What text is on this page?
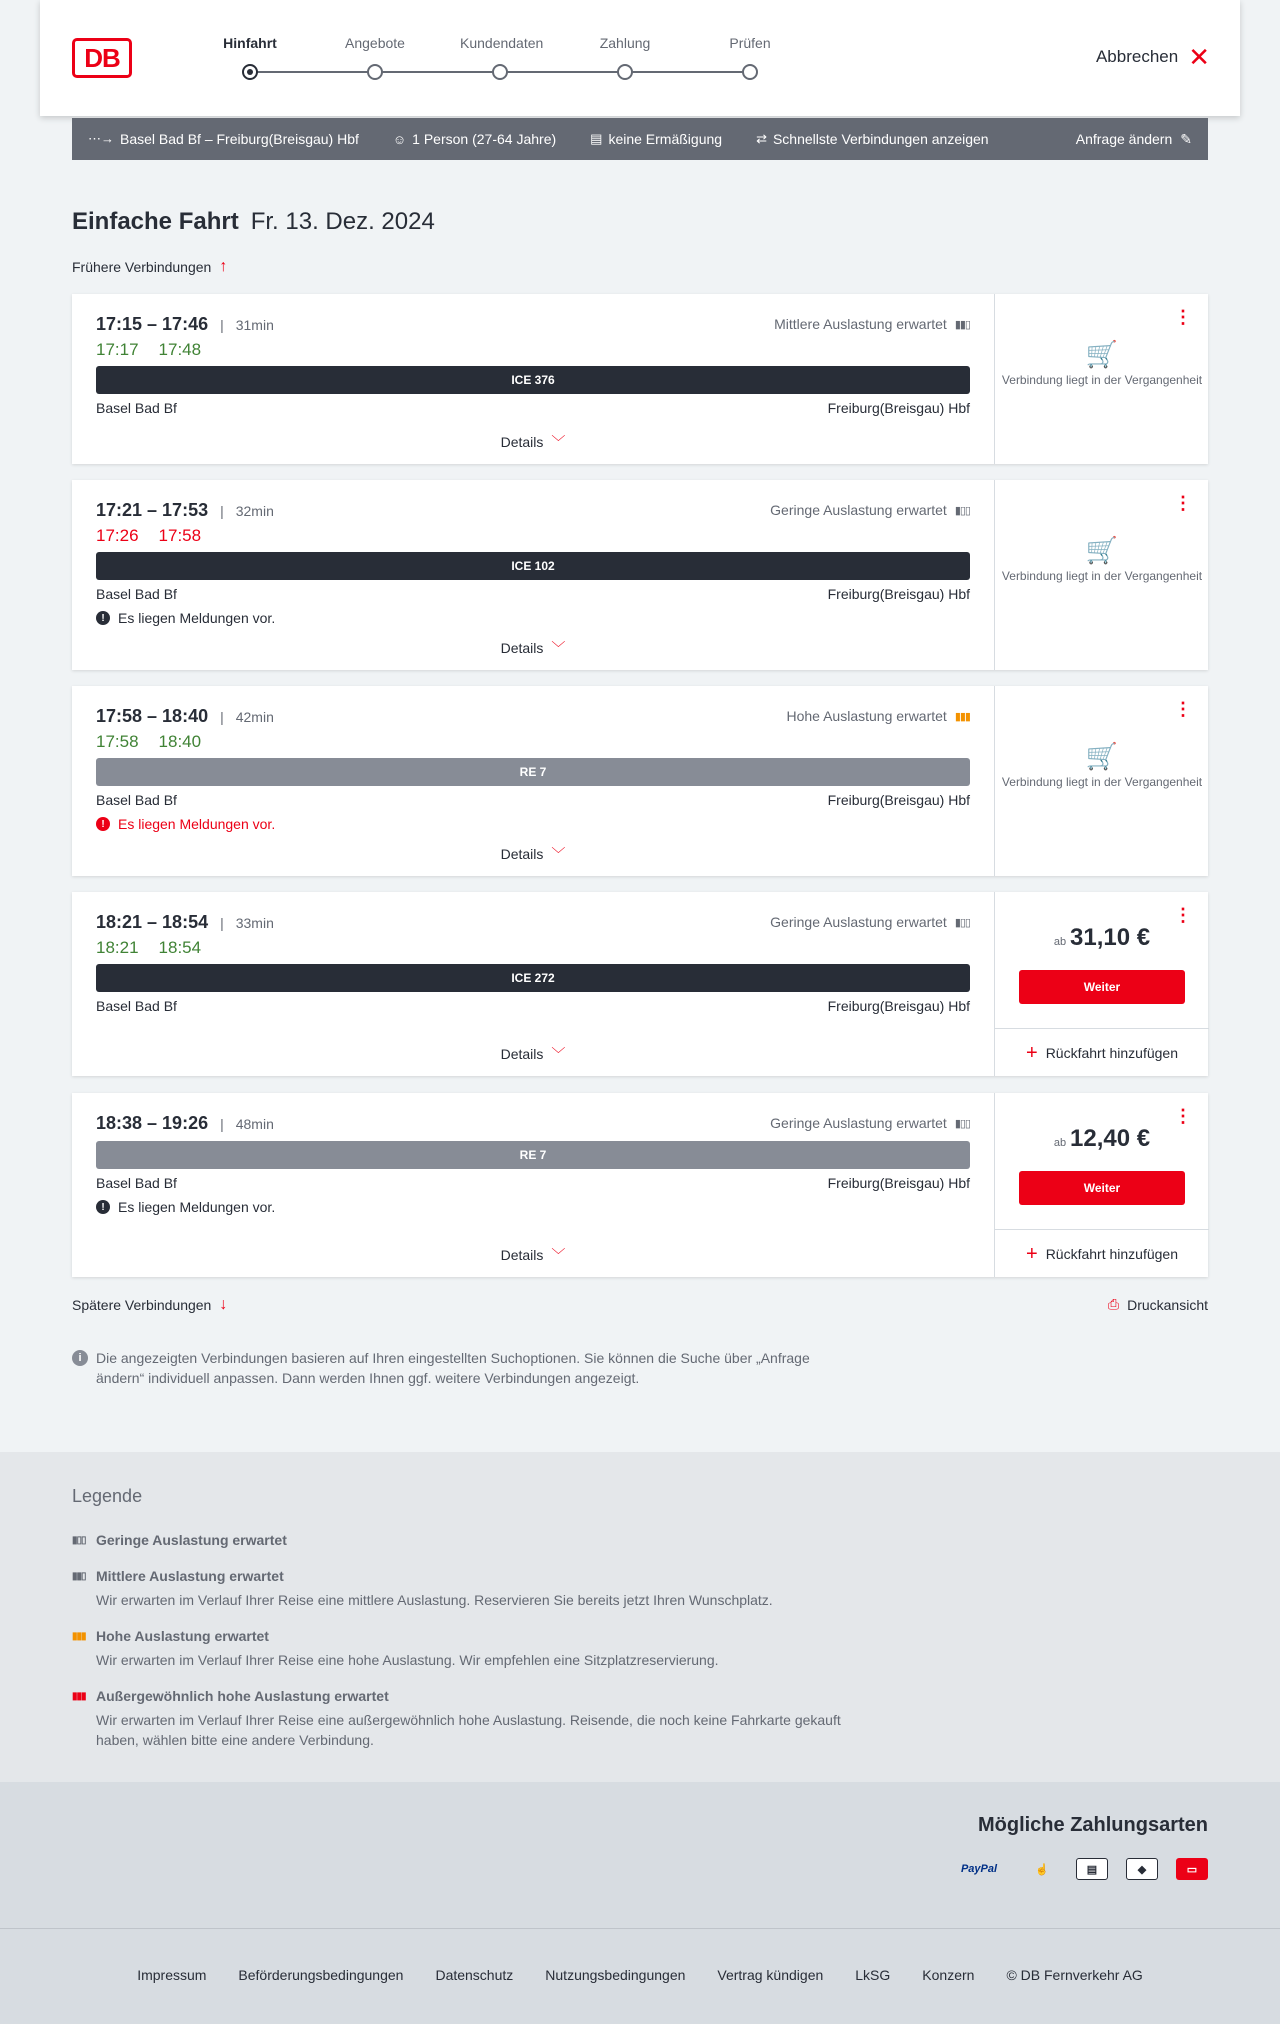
DB	Hinfahrt	Angebote	Kundendaten	Zahlung	Prüfen
Abbrechen ✕
⋯→ Basel Bad Bf – Freiburg(Breisgau) Hbf	☺ 1 Person (27-64 Jahre)	▤ keine Ermäßigung	⇄ Schnellste Verbindungen anzeigen	Anfrage ändern ✎
Einfache Fahrt Fr. 13. Dez. 2024
Frühere Verbindungen ↑
17:15 – 17:46 | 31min
17:17 17:48
Mittlere Auslastung erwartet ▮▮▯
ICE 376
Basel Bad Bf	Freiburg(Breisgau) Hbf
Details ﹀
⋮
🛒
Verbindung liegt in der Vergangenheit
17:21 – 17:53 | 32min
17:26 17:58
Geringe Auslastung erwartet ▮▯▯
ICE 102
Basel Bad Bf	Freiburg(Breisgau) Hbf
! Es liegen Meldungen vor.
Details ﹀
⋮
🛒
Verbindung liegt in der Vergangenheit
17:58 – 18:40 | 42min
17:58 18:40
Hohe Auslastung erwartet ▮▮▮
RE 7
Basel Bad Bf	Freiburg(Breisgau) Hbf
! Es liegen Meldungen vor.
Details ﹀
⋮
🛒
Verbindung liegt in der Vergangenheit
18:21 – 18:54 | 33min
18:21 18:54
Geringe Auslastung erwartet ▮▯▯
ICE 272
Basel Bad Bf	Freiburg(Breisgau) Hbf
Details ﹀
⋮
ab 31,10 €
Weiter
+ Rückfahrt hinzufügen
18:38 – 19:26 | 48min	Geringe Auslastung erwartet ▮▯▯
RE 7
Basel Bad Bf	Freiburg(Breisgau) Hbf
! Es liegen Meldungen vor.
Details ﹀
⋮
ab 12,40 €
Weiter
+ Rückfahrt hinzufügen
Spätere Verbindungen ↓	⎙ Druckansicht
i	Die angezeigten Verbindungen basieren auf Ihren eingestellten Suchoptionen. Sie können die Suche über „Anfrage ändern“ individuell anpassen. Dann werden Ihnen ggf. weitere Verbindungen angezeigt.
Legende
▮▯▯ Geringe Auslastung erwartet
▮▮▯ Mittlere Auslastung erwartet
Wir erwarten im Verlauf Ihrer Reise eine mittlere Auslastung. Reservieren Sie bereits jetzt Ihren Wunschplatz.
▮▮▮ Hohe Auslastung erwartet
Wir erwarten im Verlauf Ihrer Reise eine hohe Auslastung. Wir empfehlen eine Sitzplatzreservierung.
▮▮▮ Außergewöhnlich hohe Auslastung erwartet
Wir erwarten im Verlauf Ihrer Reise eine außergewöhnlich hohe Auslastung. Reisende, die noch keine Fahrkarte gekauft haben, wählen bitte eine andere Verbindung.
Mögliche Zahlungsarten
PayPal	☝	▤	◆	▭
Impressum Beförderungsbedingungen Datenschutz Nutzungsbedingungen Vertrag kündigen LkSG Konzern © DB Fernverkehr AG
